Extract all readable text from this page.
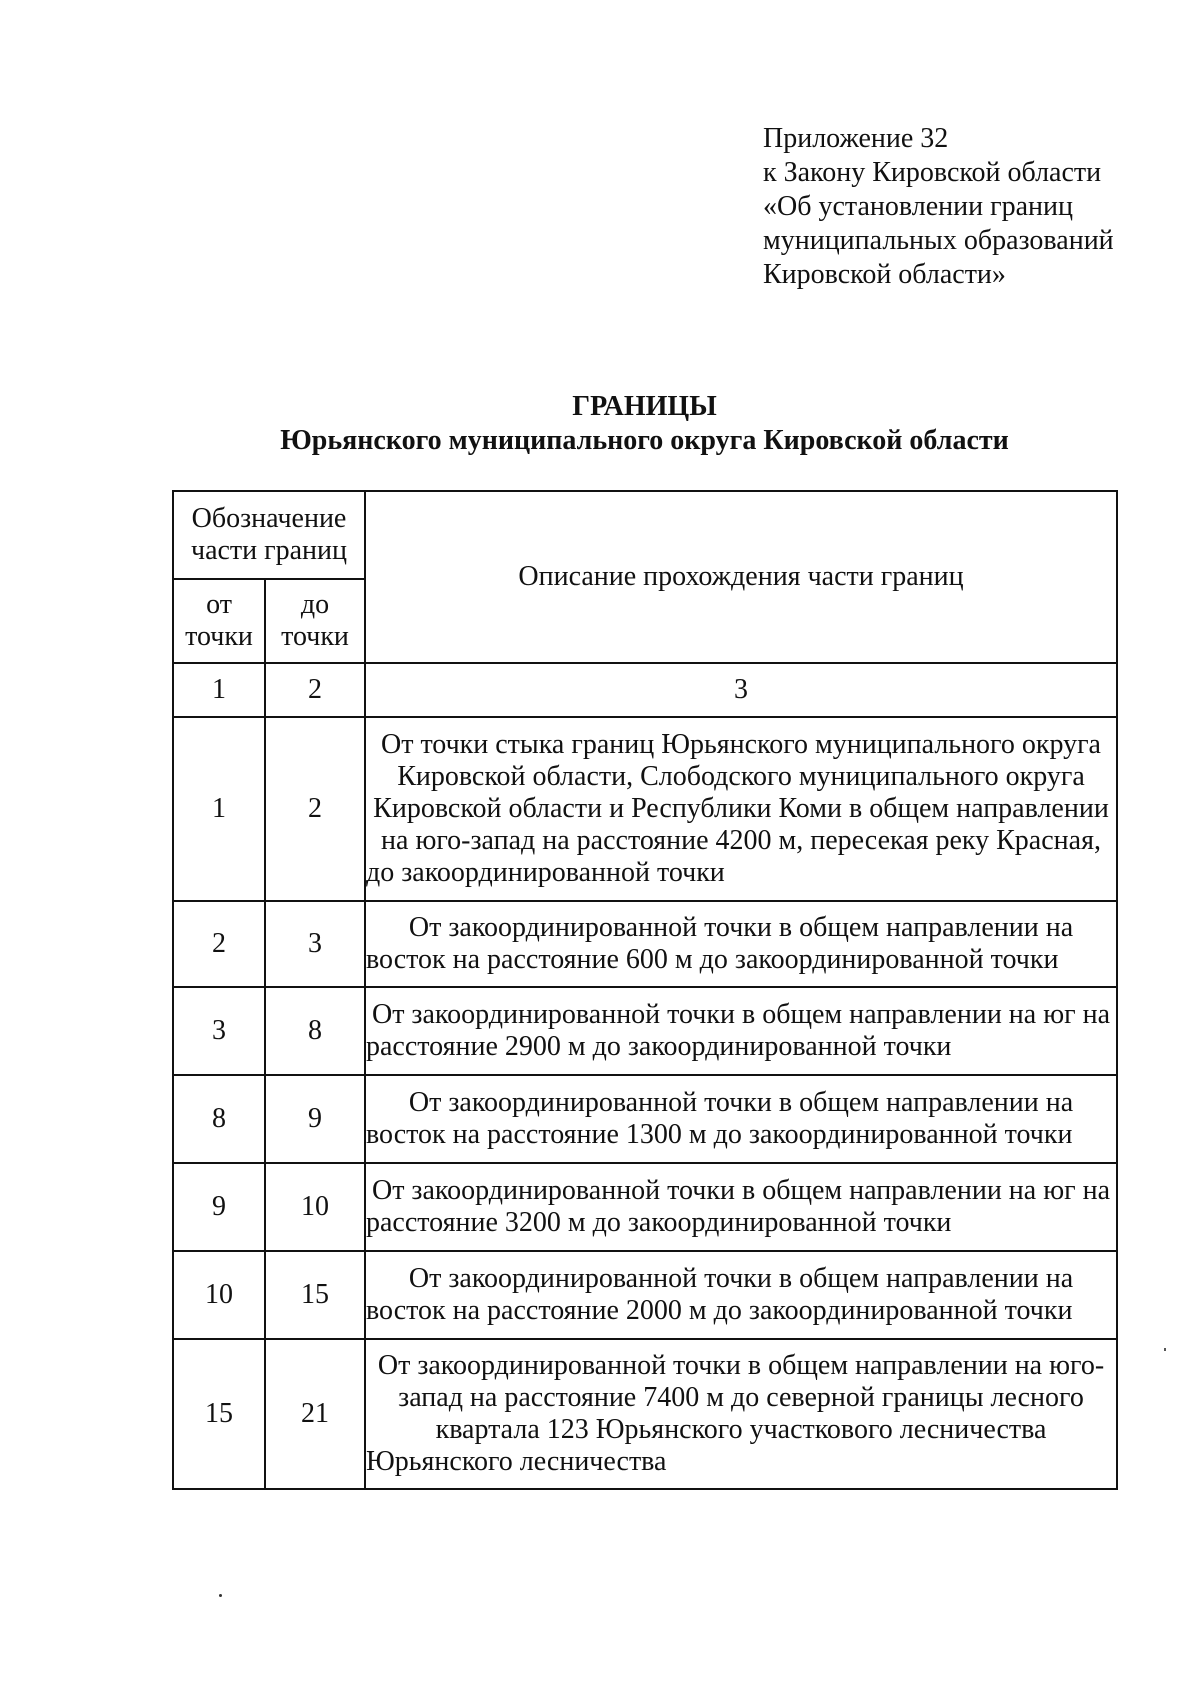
Приложение 32
к Закону Кировской области
«Об установлении границ
муниципальных образований
Кировской области»
ГРАНИЦЫ
Юрьянского муниципального округа Кировской области
Обозначение части границ		Описание прохождения части границ
от точки	до точки	
1	2	3
1	2	От точки стыка границ Юрьянского муниципального округа Кировской области, Слободского муниципального округа Кировской области и Республики Коми в общем направлении на юго-запад на расстояние 4200 м, пересекая реку Красная, до закоординированной точки
2	3	От закоординированной точки в общем направлении на восток на расстояние 600 м до закоординированной точки
3	8	От закоординированной точки в общем направлении на юг на расстояние 2900 м до закоординированной точки
8	9	От закоординированной точки в общем направлении на восток на расстояние 1300 м до закоординированной точки
9	10	От закоординированной точки в общем направлении на юг на расстояние 3200 м до закоординированной точки
10	15	От закоординированной точки в общем направлении на восток на расстояние 2000 м до закоординированной точки
15	21	От закоординированной точки в общем направлении на юго-запад на расстояние 7400 м до северной границы лесного квартала 123 Юрьянского участкового лесничества Юрьянского лесничества
